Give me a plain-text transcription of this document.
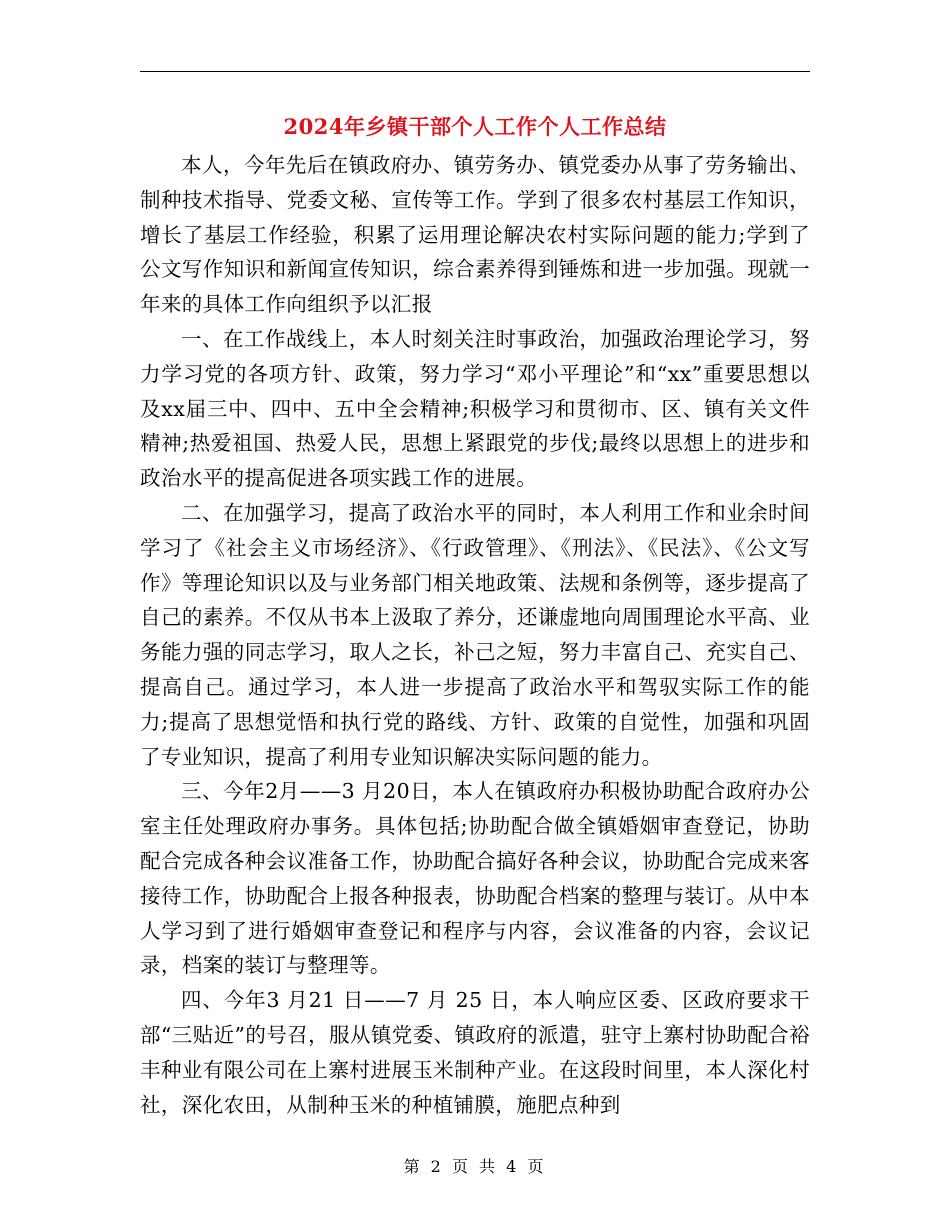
2024年乡镇干部个人工作个人工作总结

本人，今年先后在镇政府办、镇劳务办、镇党委办从事了劳务输出、制种技术指导、党委文秘、宣传等工作。学到了很多农村基层工作知识，增长了基层工作经验，积累了运用理论解决农村实际问题的能力;学到了公文写作知识和新闻宣传知识，综合素养得到锤炼和进一步加强。现就一年来的具体工作向组织予以汇报

一、在工作战线上，本人时刻关注时事政治，加强政治理论学习，努力学习党的各项方针、政策，努力学习“邓小平理论”和“xx”重要思想以及xx届三中、四中、五中全会精神;积极学习和贯彻市、区、镇有关文件精神;热爱祖国、热爱人民，思想上紧跟党的步伐;最终以思想上的进步和政治水平的提高促进各项实践工作的进展。

二、在加强学习，提高了政治水平的同时，本人利用工作和业余时间学习了《社会主义市场经济》、《行政管理》、《刑法》、《民法》、《公文写作》等理论知识以及与业务部门相关地政策、法规和条例等，逐步提高了自己的素养。不仅从书本上汲取了养分，还谦虚地向周围理论水平高、业务能力强的同志学习，取人之长，补己之短，努力丰富自己、充实自己、提高自己。通过学习，本人进一步提高了政治水平和驾驭实际工作的能力;提高了思想觉悟和执行党的路线、方针、政策的自觉性，加强和巩固了专业知识，提高了利用专业知识解决实际问题的能力。

三、今年2月——3 月20日，本人在镇政府办积极协助配合政府办公室主任处理政府办事务。具体包括;协助配合做全镇婚姻审查登记，协助配合完成各种会议准备工作，协助配合搞好各种会议，协助配合完成来客接待工作，协助配合上报各种报表，协助配合档案的整理与装订。从中本人学习到了进行婚姻审查登记和程序与内容，会议准备的内容，会议记录，档案的装订与整理等。

四、今年3 月21 日——7 月 25 日，本人响应区委、区政府要求干部“三贴近”的号召，服从镇党委、镇政府的派遣，驻守上寨村协助配合裕丰种业有限公司在上寨村进展玉米制种产业。在这段时间里，本人深化村社，深化农田，从制种玉米的种植铺膜，施肥点种到

第 2 页 共 4 页
